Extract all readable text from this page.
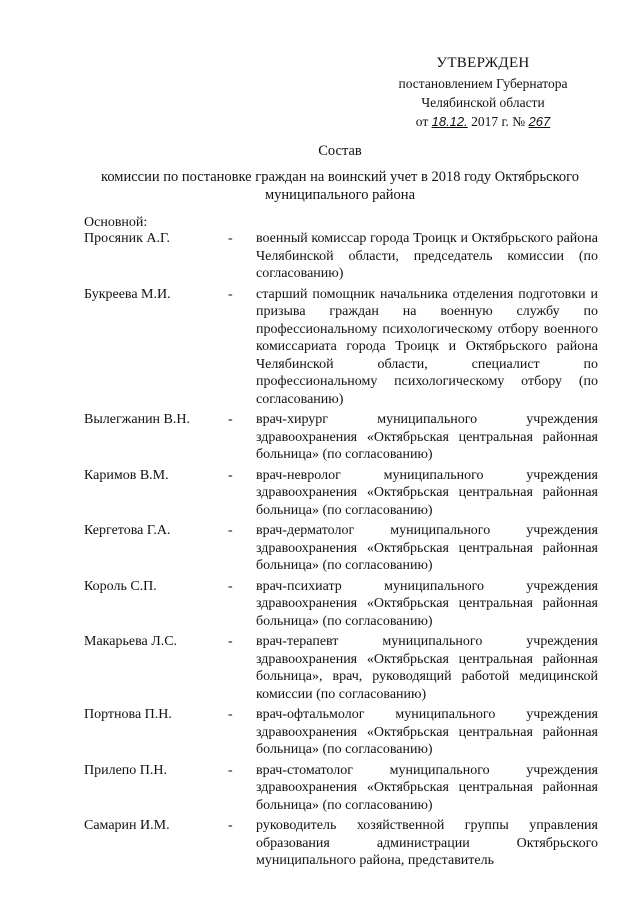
УТВЕРЖДЕН
постановлением Губернатора
Челябинской области
от 18.12. 2017 г. № 267
Состав
комиссии по постановке граждан на воинский учет в 2018 году Октябрьского муниципального района
Основной:
Просяник А.Г.	-	военный комиссар города Троицк и Октябрьского района Челябинской области, председатель комиссии (по согласованию)
Букреева М.И.	-	старший помощник начальника отделения подготовки и призыва граждан на военную службу по профессиональному психологическому отбору военного комиссариата города Троицк и Октябрьского района Челябинской области, специалист по профессиональному психологическому отбору (по согласованию)
Вылегжанин В.Н.	-	врач-хирург муниципального учреждения здравоохранения «Октябрьская центральная районная больница» (по согласованию)
Каримов В.М.	-	врач-невролог муниципального учреждения здравоохранения «Октябрьская центральная районная больница» (по согласованию)
Кергетова Г.А.	-	врач-дерматолог муниципального учреждения здравоохранения «Октябрьская центральная районная больница» (по согласованию)
Король С.П.	-	врач-психиатр муниципального учреждения здравоохранения «Октябрьская центральная районная больница» (по согласованию)
Макарьева Л.С.	-	врач-терапевт муниципального учреждения здравоохранения «Октябрьская центральная районная больница», врач, руководящий работой медицинской комиссии (по согласованию)
Портнова П.Н.	-	врач-офтальмолог муниципального учреждения здравоохранения «Октябрьская центральная районная больница» (по согласованию)
Прилепо П.Н.	-	врач-стоматолог муниципального учреждения здравоохранения «Октябрьская центральная районная больница» (по согласованию)
Самарин И.М.	-	руководитель хозяйственной группы управления образования администрации Октябрьского муниципального района, представитель
